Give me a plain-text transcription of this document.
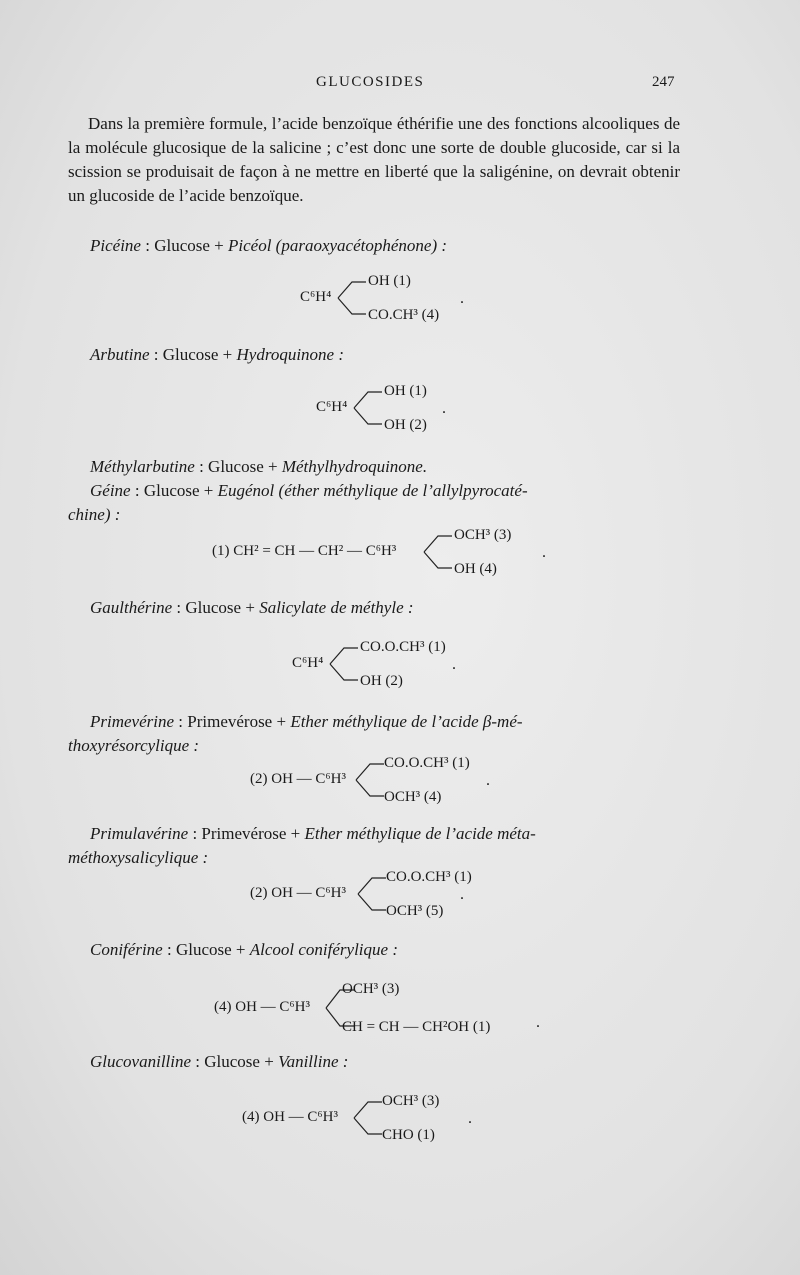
GLUCOSIDES	247
Dans la première formule, l’acide benzoïque éthérifie une des fonctions alcooliques de la molécule glucosique de la salicine ; c’est donc une sorte de double glucoside, car si la scission se produisait de façon à ne mettre en liberté que la saligénine, on devrait obtenir un glucoside de l’acide benzoïque.
Picéine : Glucose + Picéol (paraoxyacétophénone) :
C⁶H⁴
OH (1)
CO.CH³ (4)
.
Arbutine : Glucose + Hydroquinone :
C⁶H⁴
OH (1)
OH (2)
.
Méthylarbutine : Glucose + Méthylhydroquinone.
Géine : Glucose + Eugénol (éther méthylique de l’allylpyrocaté-
chine) :
(1) CH² = CH — CH² — C⁶H³
OCH³ (3)
OH (4)
.
Gaulthérine : Glucose + Salicylate de méthyle :
C⁶H⁴
CO.O.CH³ (1)
OH (2)
.
Primevérine : Primevérose + Ether méthylique de l’acide β-mé-
thoxyrésorcylique :
(2) OH — C⁶H³
CO.O.CH³ (1)
OCH³ (4)
.
Primulavérine : Primevérose + Ether méthylique de l’acide méta-
méthoxysalicylique :
(2) OH — C⁶H³
CO.O.CH³ (1)
OCH³ (5)
.
Coniférine : Glucose + Alcool coniférylique :
(4) OH — C⁶H³
OCH³ (3)
CH = CH — CH²OH (1)	.
Glucovanilline : Glucose + Vanilline :
(4) OH — C⁶H³
OCH³ (3)
CHO (1)
.
